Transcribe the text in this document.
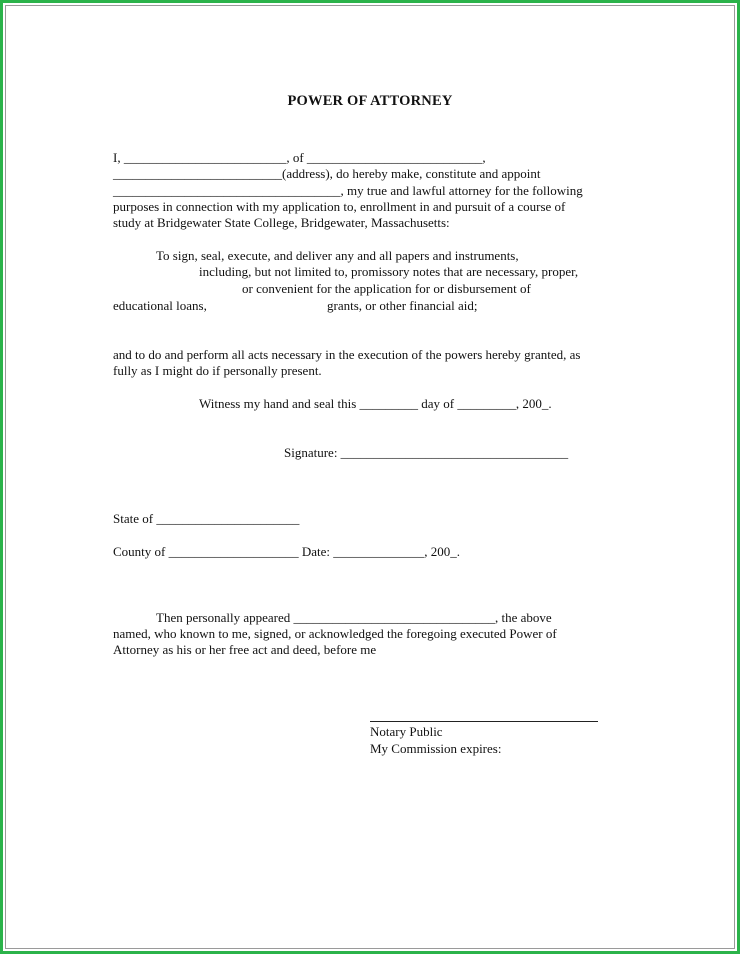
POWER OF ATTORNEY
I, _________________________, of ___________________________,
__________________________(address), do hereby make, constitute and appoint
___________________________________, my true and lawful attorney for the following
purposes in connection with my application to, enrollment in and pursuit of a course of
study at Bridgewater State College, Bridgewater, Massachusetts:
To sign, seal, execute, and deliver any and all papers and instruments,
including, but not limited to, promissory notes that are necessary, proper,
or convenient for the application for or disbursement of
educational loans,	grants, or other financial aid;
and to do and perform all acts necessary in the execution of the powers hereby granted, as
fully as I might do if personally present.
Witness my hand and seal this _________ day of _________, 200_.
Signature: ___________________________________
State of ______________________
County of ____________________ Date: ______________, 200_.
Then personally appeared _______________________________, the above
named, who known to me, signed, or acknowledged the foregoing executed Power of
Attorney as his or her free act and deed, before me
Notary Public
My Commission expires:
